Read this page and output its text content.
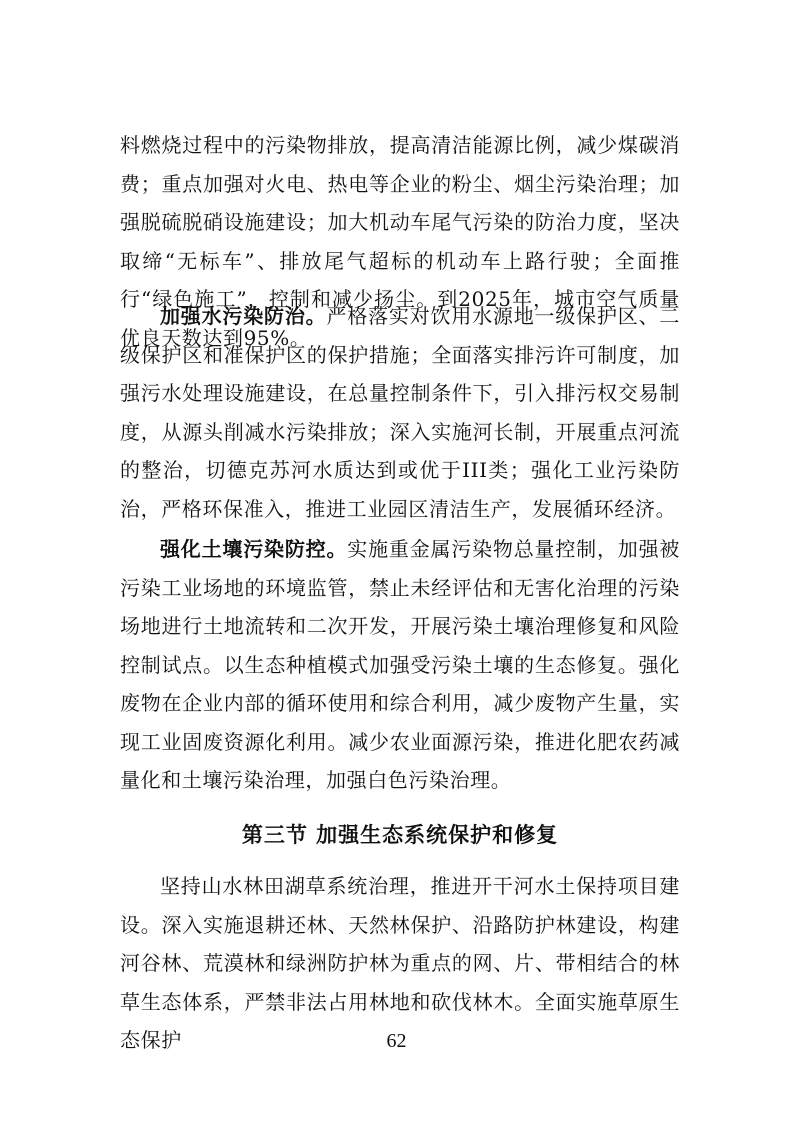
料燃烧过程中的污染物排放，提高清洁能源比例，减少煤碳消费；重点加强对火电、热电等企业的粉尘、烟尘污染治理；加强脱硫脱硝设施建设；加大机动车尾气污染的防治力度，坚决取缔“无标车”、排放尾气超标的机动车上路行驶；全面推行“绿色施工”，控制和减少扬尘。到2025年，城市空气质量优良天数达到95%。

加强水污染防治。严格落实对饮用水源地一级保护区、二级保护区和准保护区的保护措施；全面落实排污许可制度，加强污水处理设施建设，在总量控制条件下，引入排污权交易制度，从源头削减水污染排放；深入实施河长制，开展重点河流的整治，切德克苏河水质达到或优于III类；强化工业污染防治，严格环保准入，推进工业园区清洁生产，发展循环经济。

强化土壤污染防控。实施重金属污染物总量控制，加强被污染工业场地的环境监管，禁止未经评估和无害化治理的污染场地进行土地流转和二次开发，开展污染土壤治理修复和风险控制试点。以生态种植模式加强受污染土壤的生态修复。强化废物在企业内部的循环使用和综合利用，减少废物产生量，实现工业固废资源化利用。减少农业面源污染，推进化肥农药减量化和土壤污染治理，加强白色污染治理。

第三节 加强生态系统保护和修复

坚持山水林田湖草系统治理，推进开干河水土保持项目建设。深入实施退耕还林、天然林保护、沿路防护林建设，构建河谷林、荒漠林和绿洲防护林为重点的网、片、带相结合的林草生态体系，严禁非法占用林地和砍伐林木。全面实施草原生态保护	62
